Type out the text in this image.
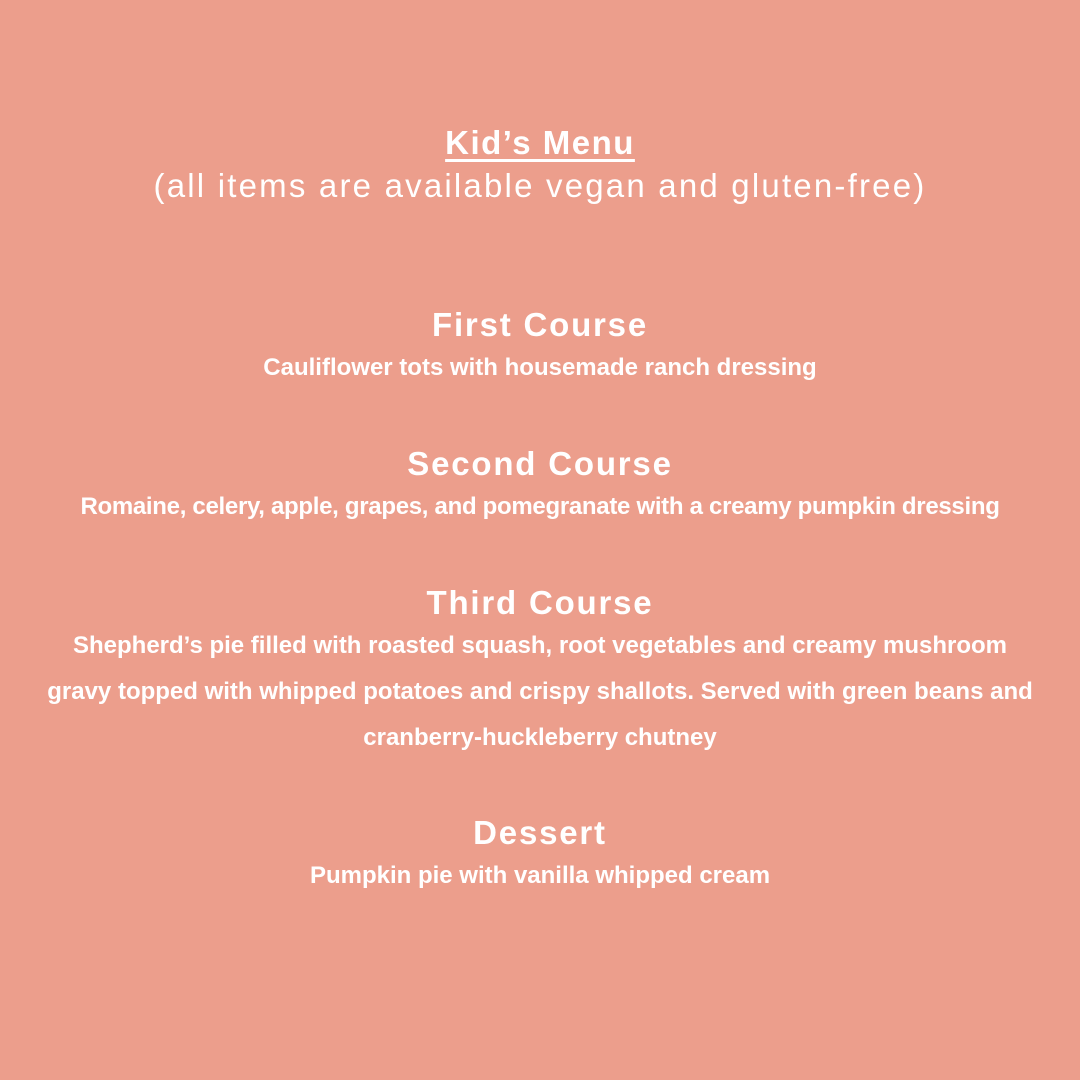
Kid’s Menu
(all items are available vegan and gluten-free)
First Course
Cauliflower tots with housemade ranch dressing
Second Course
Romaine, celery, apple, grapes, and pomegranate with a creamy pumpkin dressing
Third Course
Shepherd’s pie filled with roasted squash, root vegetables and creamy mushroom gravy topped with whipped potatoes and crispy shallots. Served with green beans and cranberry-huckleberry chutney
Dessert
Pumpkin pie with vanilla whipped cream
